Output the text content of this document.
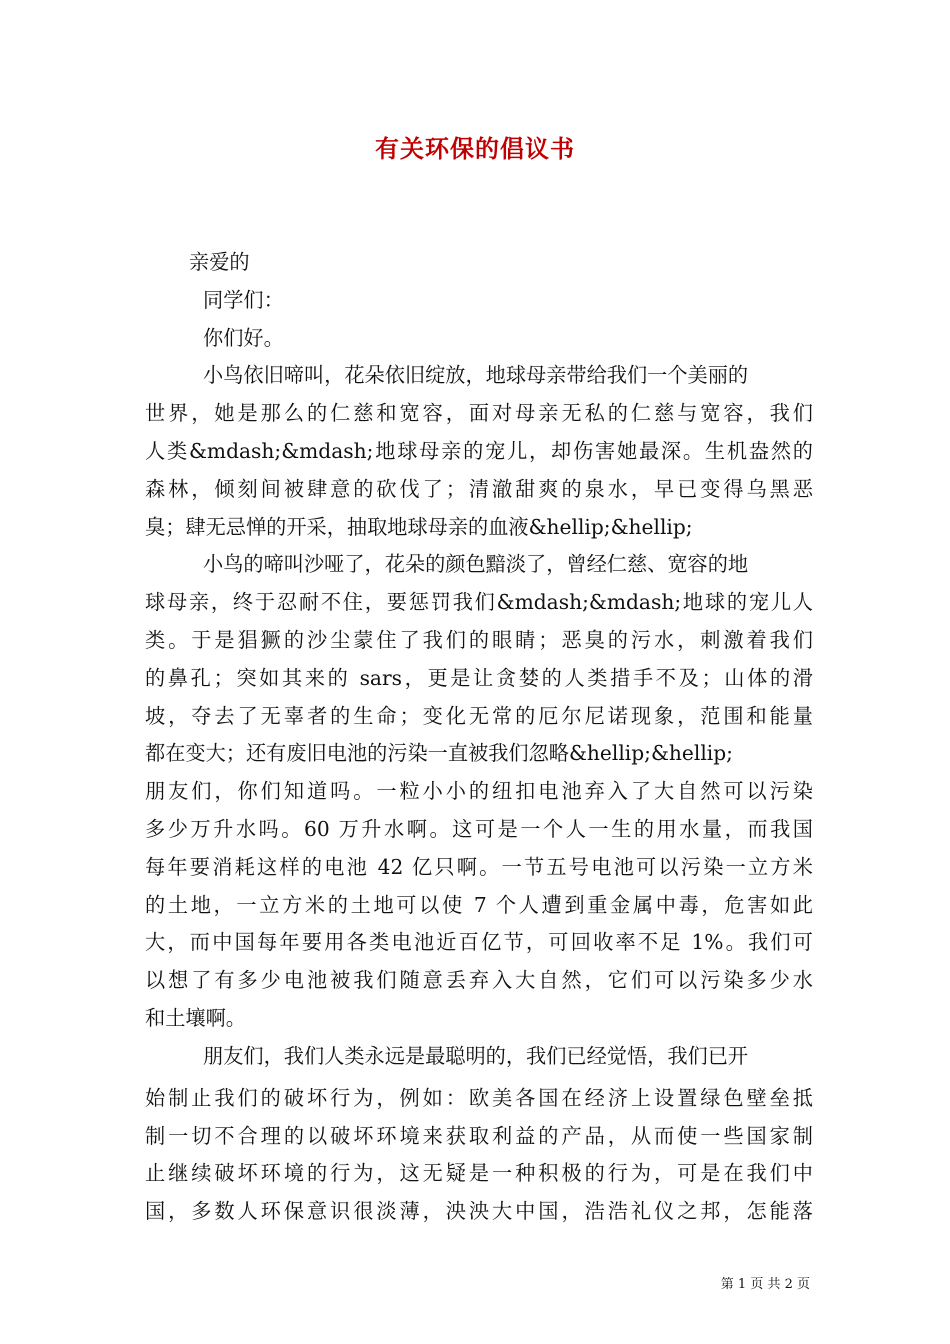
有关环保的倡议书
亲爱的
同学们：
你们好。
小鸟依旧啼叫，花朵依旧绽放，地球母亲带给我们一个美丽的
世界，她是那么的仁慈和宽容，面对母亲无私的仁慈与宽容，我们
人类&mdash;&mdash;地球母亲的宠儿，却伤害她最深。生机盎然的
森林，倾刻间被肆意的砍伐了；清澈甜爽的泉水，早已变得乌黑恶
臭；肆无忌惮的开采，抽取地球母亲的血液&hellip;&hellip;
小鸟的啼叫沙哑了，花朵的颜色黯淡了，曾经仁慈、宽容的地
球母亲，终于忍耐不住，要惩罚我们&mdash;&mdash;地球的宠儿人
类。于是猖獗的沙尘蒙住了我们的眼睛；恶臭的污水，刺激着我们
的鼻孔；突如其来的 sars，更是让贪婪的人类措手不及；山体的滑
坡，夺去了无辜者的生命；变化无常的厄尔尼诺现象，范围和能量
都在变大；还有废旧电池的污染一直被我们忽略&hellip;&hellip;
朋友们，你们知道吗。一粒小小的纽扣电池弃入了大自然可以污染
多少万升水吗。60 万升水啊。这可是一个人一生的用水量，而我国
每年要消耗这样的电池 42 亿只啊。一节五号电池可以污染一立方米
的土地，一立方米的土地可以使 7 个人遭到重金属中毒，危害如此
大，而中国每年要用各类电池近百亿节，可回收率不足 1%。我们可
以想了有多少电池被我们随意丢弃入大自然，它们可以污染多少水
和土壤啊。
朋友们，我们人类永远是最聪明的，我们已经觉悟，我们已开
始制止我们的破坏行为，例如：欧美各国在经济上设置绿色壁垒抵
制一切不合理的以破坏环境来获取利益的产品，从而使一些国家制
止继续破坏环境的行为，这无疑是一种积极的行为，可是在我们中
国，多数人环保意识很淡薄，泱泱大中国，浩浩礼仪之邦，怎能落
第 1 页 共 2 页
